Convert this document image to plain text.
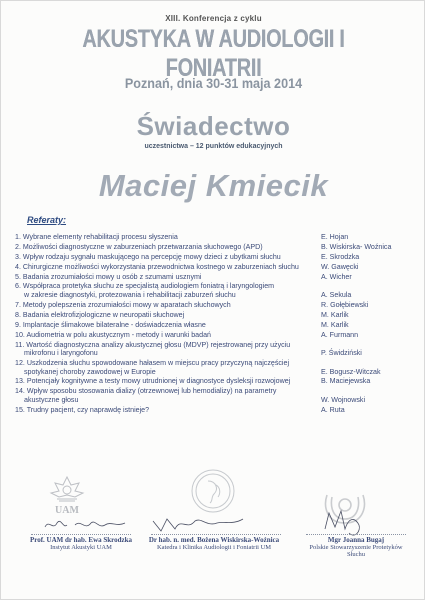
XIII. Konferencja z cyklu
AKUSTYKA W AUDIOLOGII I FONIATRII
Poznań, dnia 30-31 maja 2014
Świadectwo
uczestnictwa – 12 punktów edukacyjnych
Maciej Kmiecik
Referaty:
1. Wybrane elementy rehabilitacji procesu słyszenia	E. Hojan
2. Możliwości diagnostyczne w zaburzeniach przetwarzania słuchowego (APD)	B. Wiskirska- Woźnica
3. Wpływ rodzaju sygnału maskującego na percepcję mowy dzieci z ubytkami słuchu	E. Skrodzka
4. Chirurgiczne możliwości wykorzystania przewodnictwa kostnego w zaburzeniach słuchu	W. Gawęcki
5. Badania zrozumiałości mowy u osób z szumami usznymi	A. Wicher
6. Współpraca protetyka słuchu ze specjalistą audiologiem foniatrą i laryngologiem
w zakresie diagnostyki, protezowania i rehabilitacji zaburzeń słuchu	A. Sekula
7. Metody polepszenia zrozumiałości mowy w aparatach słuchowych	R. Gołębiewski
8. Badania elektrofizjologiczne w neuropatii słuchowej	M. Karlik
9. Implantacje ślimakowe bilateralne - doświadczenia własne	M. Karlik
10. Audiometria w polu akustycznym - metody i warunki badań	A. Furmann
11. Wartość diagnostyczna analizy akustycznej głosu (MDVP) rejestrowanej przy użyciu
mikrofonu i laryngofonu	P. Świdziński
12. Uszkodzenia słuchu spowodowane hałasem w miejscu pracy przyczyną najczęściej
spotykanej choroby zawodowej w Europie	E. Bogusz-Witczak
13. Potencjały kognitywne a testy mowy utrudnionej w diagnostyce dysleksji rozwojowej	B. Maciejewska
14. Wpływ sposobu stosowania dializy (otrzewnowej lub hemodializy) na parametry
akustyczne głosu	W. Wojnowski
15. Trudny pacjent, czy naprawdę istnieje?	A. Ruta
UAM
Prof. UAM dr hab. Ewa Skrodzka
Instytut Akustyki UAM
Dr hab. n. med. Bożena Wiskirska-Woźnica
Katedra i Klinika Audiologii i Foniatrii UM
Mgr Joanna Bugaj
Polskie Stowarzyszenie Protetyków Słuchu
